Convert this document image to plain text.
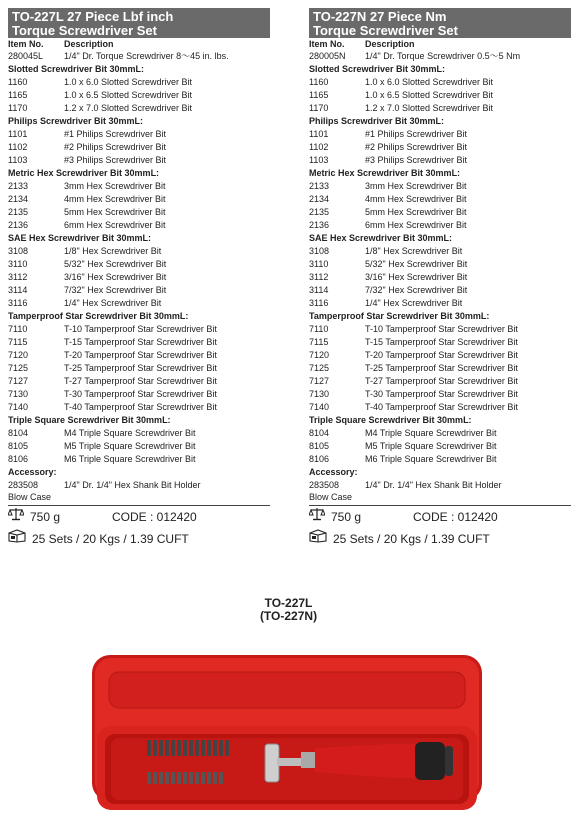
TO-227L 27 Piece Lbf inch
Torque Screwdriver Set
Item No.	Description
280045L	1/4" Dr. Torque Screwdriver 8～45 in. lbs.
Slotted Screwdriver Bit 30mmL:
1160	1.0 x 6.0 Slotted Screwdriver Bit
1165	1.0 x 6.5 Slotted Screwdriver Bit
1170	1.2 x 7.0 Slotted Screwdriver Bit
Philips Screwdriver Bit 30mmL:
1101	#1 Philips Screwdriver Bit
1102	#2 Philips Screwdriver Bit
1103	#3 Philips Screwdriver Bit
Metric Hex Screwdriver Bit 30mmL:
2133	3mm Hex Screwdriver Bit
2134	4mm Hex Screwdriver Bit
2135	5mm Hex Screwdriver Bit
2136	6mm Hex Screwdriver Bit
SAE Hex Screwdriver Bit 30mmL:
3108	1/8" Hex Screwdriver Bit
3110	5/32" Hex Screwdriver Bit
3112	3/16" Hex Screwdriver Bit
3114	7/32" Hex Screwdriver Bit
3116	1/4" Hex Screwdriver Bit
Tamperproof Star Screwdriver Bit 30mmL:
7110	T-10 Tamperproof Star Screwdriver Bit
7115	T-15 Tamperproof Star Screwdriver Bit
7120	T-20 Tamperproof Star Screwdriver Bit
7125	T-25 Tamperproof Star Screwdriver Bit
7127	T-27 Tamperproof Star Screwdriver Bit
7130	T-30 Tamperproof Star Screwdriver Bit
7140	T-40 Tamperproof Star Screwdriver Bit
Triple Square Screwdriver Bit 30mmL:
8104	M4 Triple Square Screwdriver Bit
8105	M5 Triple Square Screwdriver Bit
8106	M6 Triple Square Screwdriver Bit
Accessory:
283508	1/4" Dr. 1/4" Hex Shank Bit Holder
Blow Case
750 g	CODE : 012420
25 Sets / 20 Kgs / 1.39 CUFT
TO-227N 27 Piece Nm
Torque Screwdriver Set
Item No.	Description
280005N	1/4" Dr. Torque Screwdriver 0.5～5 Nm
Slotted Screwdriver Bit 30mmL:
1160	1.0 x 6.0 Slotted Screwdriver Bit
1165	1.0 x 6.5 Slotted Screwdriver Bit
1170	1.2 x 7.0 Slotted Screwdriver Bit
Philips Screwdriver Bit 30mmL:
1101	#1 Philips Screwdriver Bit
1102	#2 Philips Screwdriver Bit
1103	#3 Philips Screwdriver Bit
Metric Hex Screwdriver Bit 30mmL:
2133	3mm Hex Screwdriver Bit
2134	4mm Hex Screwdriver Bit
2135	5mm Hex Screwdriver Bit
2136	6mm Hex Screwdriver Bit
SAE Hex Screwdriver Bit 30mmL:
3108	1/8" Hex Screwdriver Bit
3110	5/32" Hex Screwdriver Bit
3112	3/16" Hex Screwdriver Bit
3114	7/32" Hex Screwdriver Bit
3116	1/4" Hex Screwdriver Bit
Tamperproof Star Screwdriver Bit 30mmL:
7110	T-10 Tamperproof Star Screwdriver Bit
7115	T-15 Tamperproof Star Screwdriver Bit
7120	T-20 Tamperproof Star Screwdriver Bit
7125	T-25 Tamperproof Star Screwdriver Bit
7127	T-27 Tamperproof Star Screwdriver Bit
7130	T-30 Tamperproof Star Screwdriver Bit
7140	T-40 Tamperproof Star Screwdriver Bit
Triple Square Screwdriver Bit 30mmL:
8104	M4 Triple Square Screwdriver Bit
8105	M5 Triple Square Screwdriver Bit
8106	M6 Triple Square Screwdriver Bit
Accessory:
283508	1/4" Dr. 1/4" Hex Shank Bit Holder
Blow Case
750 g	CODE : 012420
25 Sets / 20 Kgs / 1.39 CUFT
TO-227L
(TO-227N)
